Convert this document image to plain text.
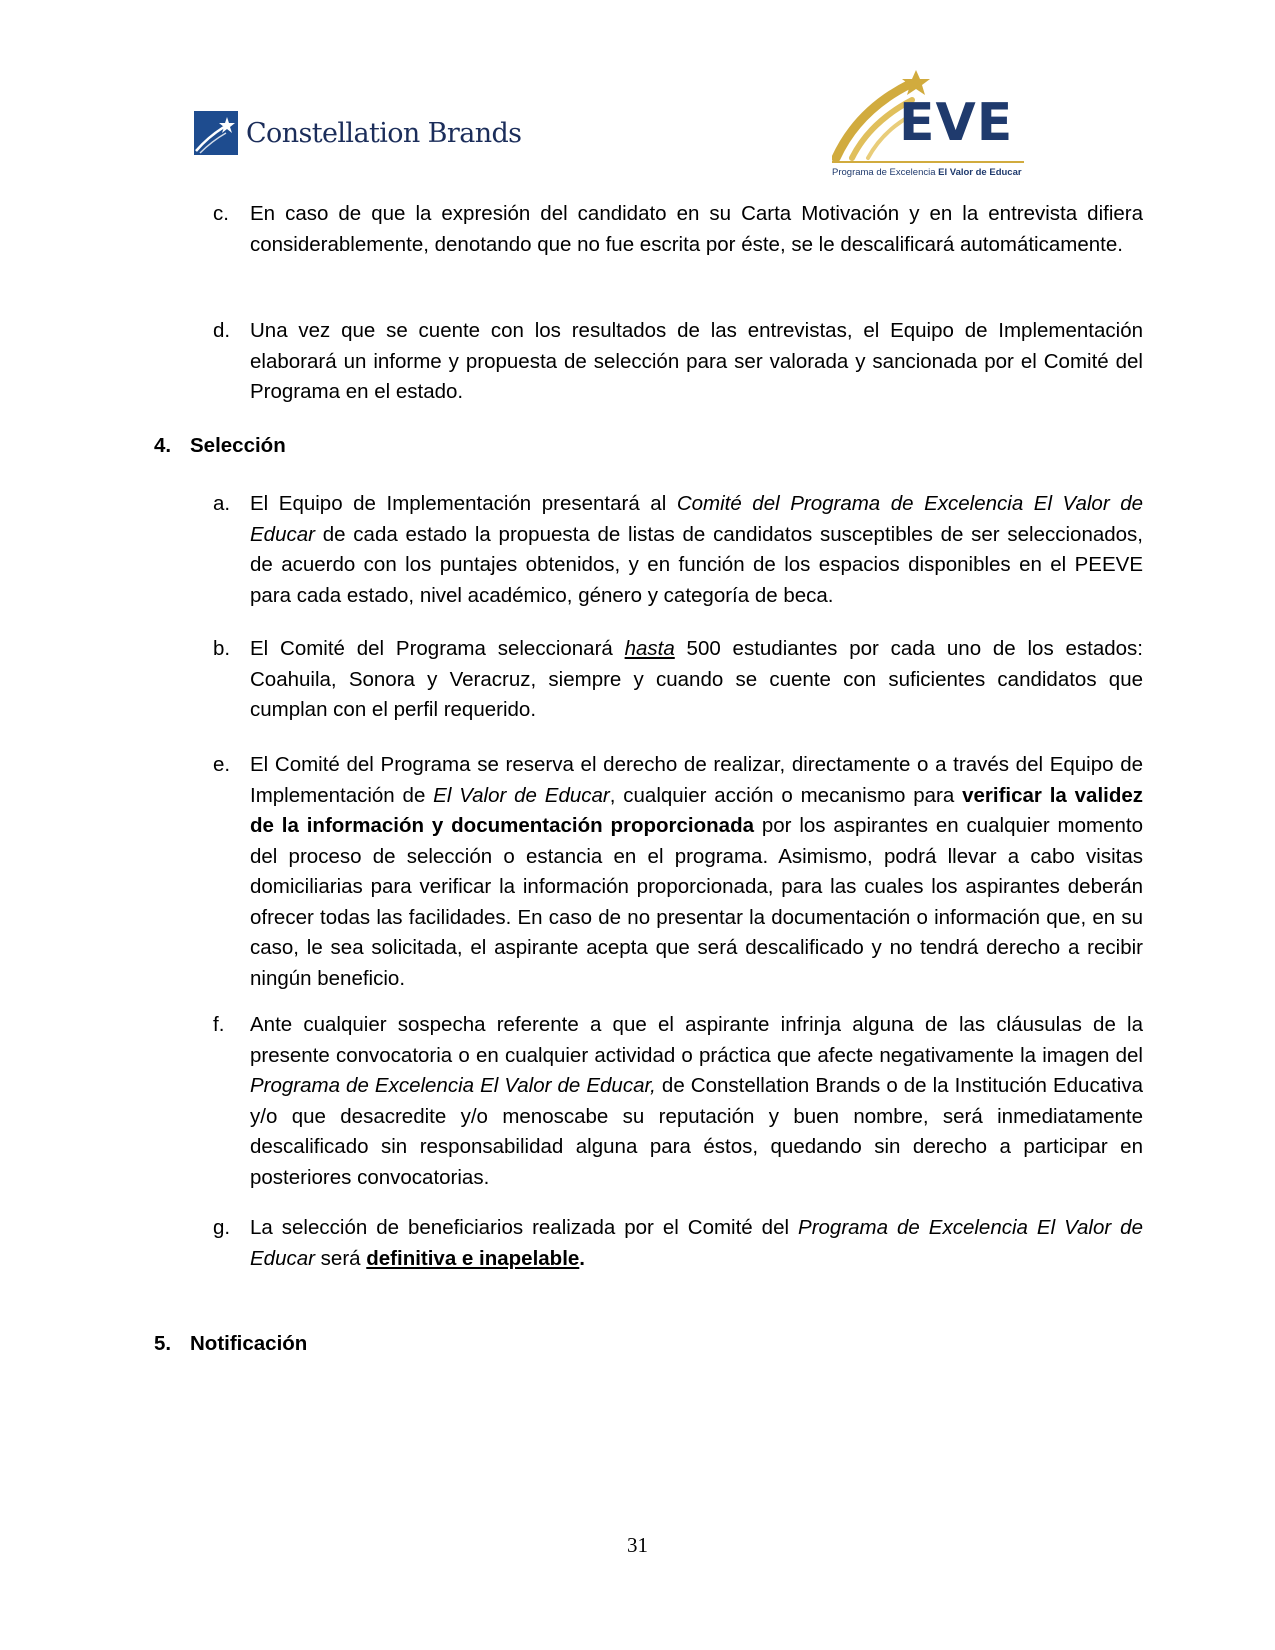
Constellation Brands	EVE
Programa de Excelencia El Valor de Educar
c.	En caso de que la expresión del candidato en su Carta Motivación y en la entrevista difiera considerablemente, denotando que no fue escrita por éste, se le descalificará automáticamente.
d. Una vez que se cuente con los resultados de las entrevistas, el Equipo de Implementación elaborará un informe y propuesta de selección para ser valorada y sancionada por el Comité del Programa en el estado.
4. Selección
a. El Equipo de Implementación presentará al Comité del Programa de Excelencia El Valor de Educar de cada estado la propuesta de listas de candidatos susceptibles de ser seleccionados, de acuerdo con los puntajes obtenidos, y en función de los espacios disponibles en el PEEVE para cada estado, nivel académico, género y categoría de beca.
b. El Comité del Programa seleccionará hasta 500 estudiantes por cada uno de los estados: Coahuila, Sonora y Veracruz, siempre y cuando se cuente con suficientes candidatos que cumplan con el perfil requerido.
e. El Comité del Programa se reserva el derecho de realizar, directamente o a través del Equipo de Implementación de El Valor de Educar, cualquier acción o mecanismo para verificar la validez de la información y documentación proporcionada por los aspirantes en cualquier momento del proceso de selección o estancia en el programa. Asimismo, podrá llevar a cabo visitas domiciliarias para verificar la información proporcionada, para las cuales los aspirantes deberán ofrecer todas las facilidades. En caso de no presentar la documentación o información que, en su caso, le sea solicitada, el aspirante acepta que será descalificado y no tendrá derecho a recibir ningún beneficio.
f.	Ante cualquier sospecha referente a que el aspirante infrinja alguna de las cláusulas de la presente convocatoria o en cualquier actividad o práctica que afecte negativamente la imagen del Programa de Excelencia El Valor de Educar, de Constellation Brands o de la Institución Educativa y/o que desacredite y/o menoscabe su reputación y buen nombre, será inmediatamente descalificado sin responsabilidad alguna para éstos, quedando sin derecho a participar en posteriores convocatorias.
g. La selección de beneficiarios realizada por el Comité del Programa de Excelencia El Valor de Educar será definitiva e inapelable.
5. Notificación
31
